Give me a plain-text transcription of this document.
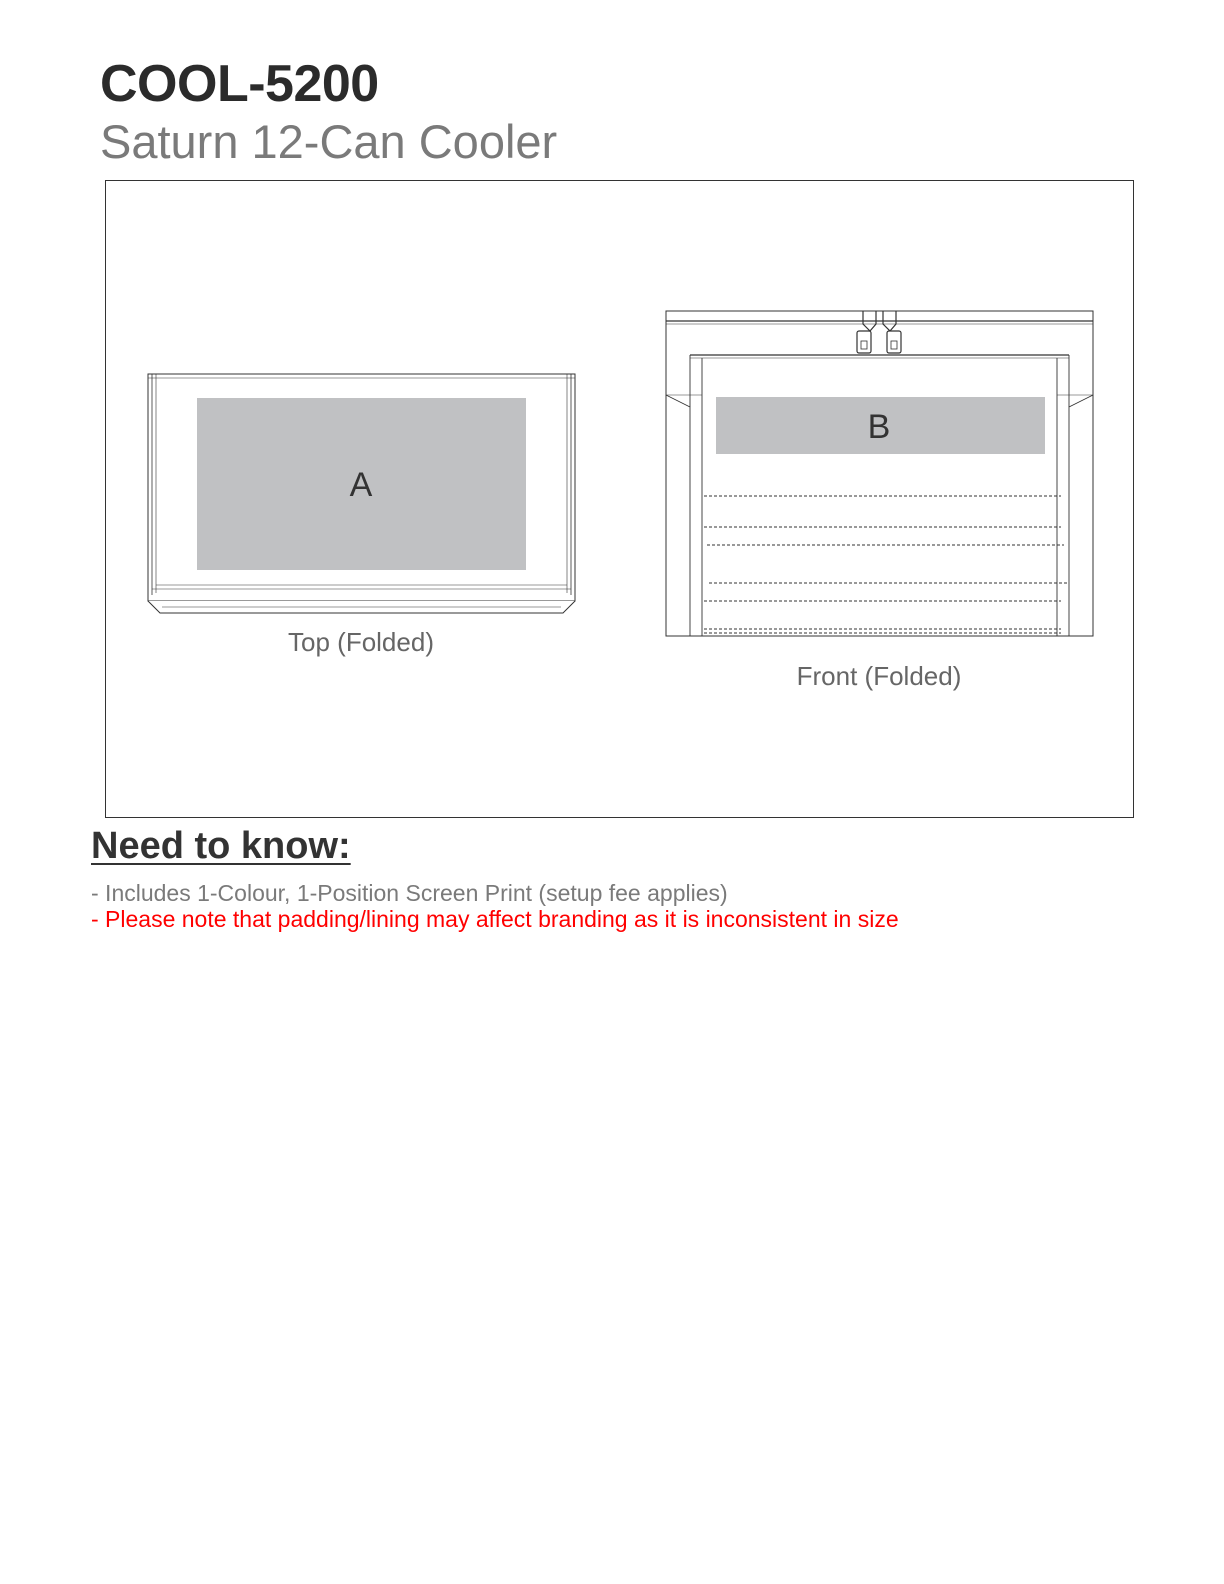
COOL-5200
Saturn 12-Can Cooler
A
B
Top (Folded)
Front (Folded)
Need to know:
- Includes 1-Colour, 1-Position Screen Print (setup fee applies)
- Please note that padding/lining may affect branding as it is inconsistent in size
